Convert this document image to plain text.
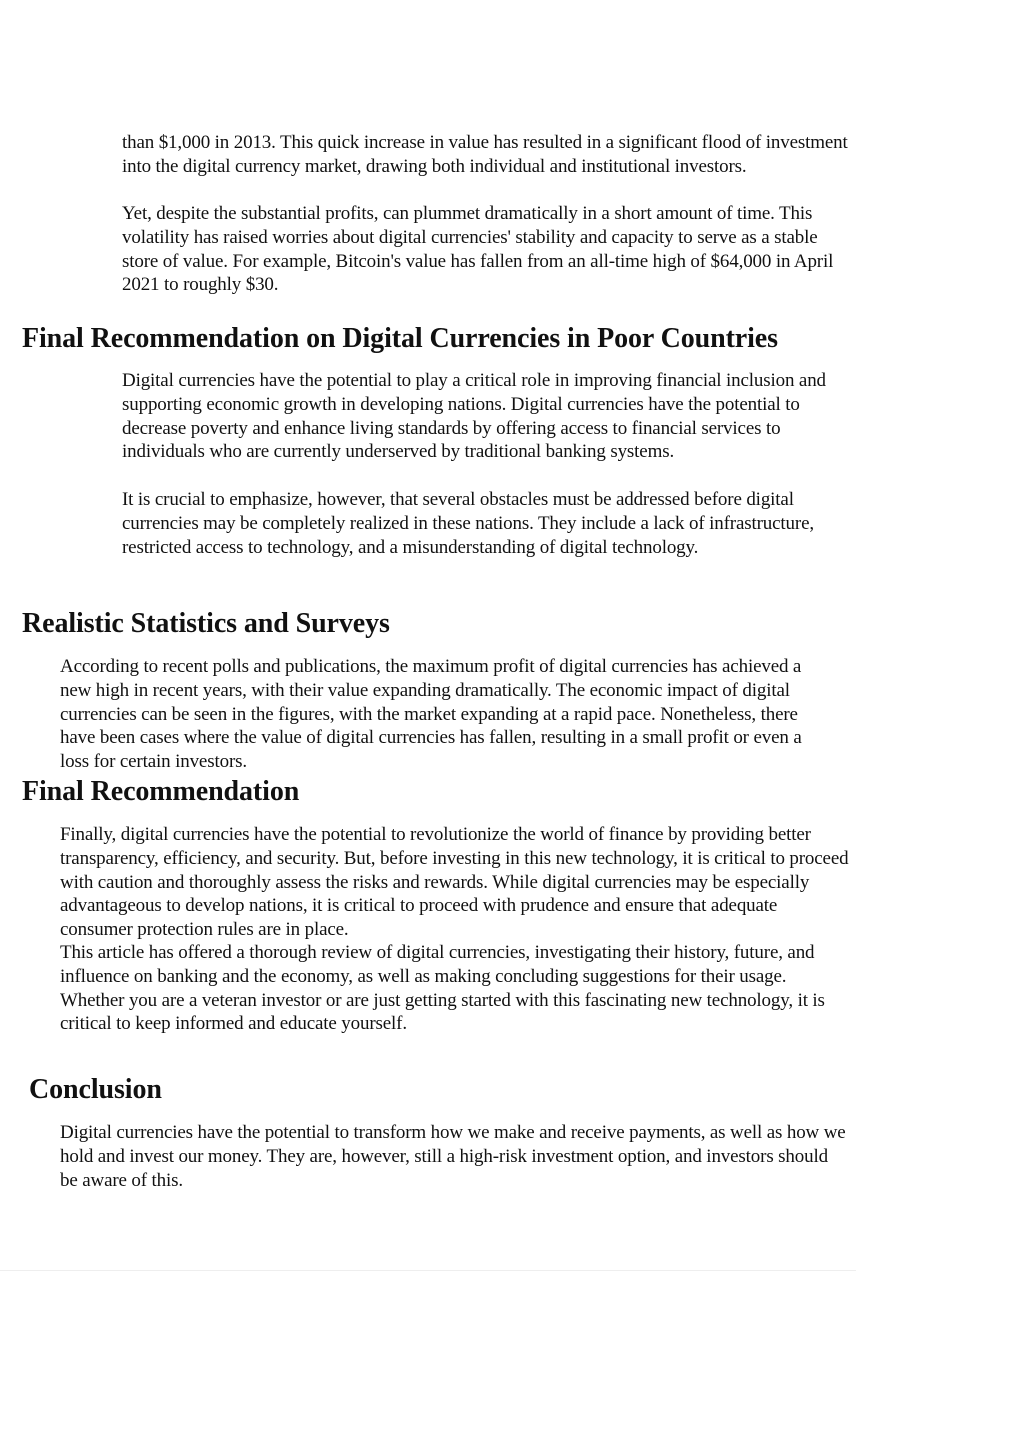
than $1,000 in 2013. This quick increase in value has resulted in a significant flood of investment into the digital currency market, drawing both individual and institutional investors.

Yet, despite the substantial profits, can plummet dramatically in a short amount of time. This volatility has raised worries about digital currencies' stability and capacity to serve as a stable store of value. For example, Bitcoin's value has fallen from an all-time high of $64,000 in April 2021 to roughly $30.

Final Recommendation on Digital Currencies in Poor Countries

Digital currencies have the potential to play a critical role in improving financial inclusion and supporting economic growth in developing nations. Digital currencies have the potential to decrease poverty and enhance living standards by offering access to financial services to individuals who are currently underserved by traditional banking systems.

It is crucial to emphasize, however, that several obstacles must be addressed before digital currencies may be completely realized in these nations. They include a lack of infrastructure, restricted access to technology, and a misunderstanding of digital technology.

Realistic Statistics and Surveys

According to recent polls and publications, the maximum profit of digital currencies has achieved a new high in recent years, with their value expanding dramatically. The economic impact of digital currencies can be seen in the figures, with the market expanding at a rapid pace. Nonetheless, there have been cases where the value of digital currencies has fallen, resulting in a small profit or even a loss for certain investors.

Final Recommendation

Finally, digital currencies have the potential to revolutionize the world of finance by providing better transparency, efficiency, and security. But, before investing in this new technology, it is critical to proceed with caution and thoroughly assess the risks and rewards. While digital currencies may be especially advantageous to develop nations, it is critical to proceed with prudence and ensure that adequate consumer protection rules are in place.

This article has offered a thorough review of digital currencies, investigating their history, future, and influence on banking and the economy, as well as making concluding suggestions for their usage. Whether you are a veteran investor or are just getting started with this fascinating new technology, it is critical to keep informed and educate yourself.

Conclusion

Digital currencies have the potential to transform how we make and receive payments, as well as how we hold and invest our money. They are, however, still a high-risk investment option, and investors should be aware of this.
